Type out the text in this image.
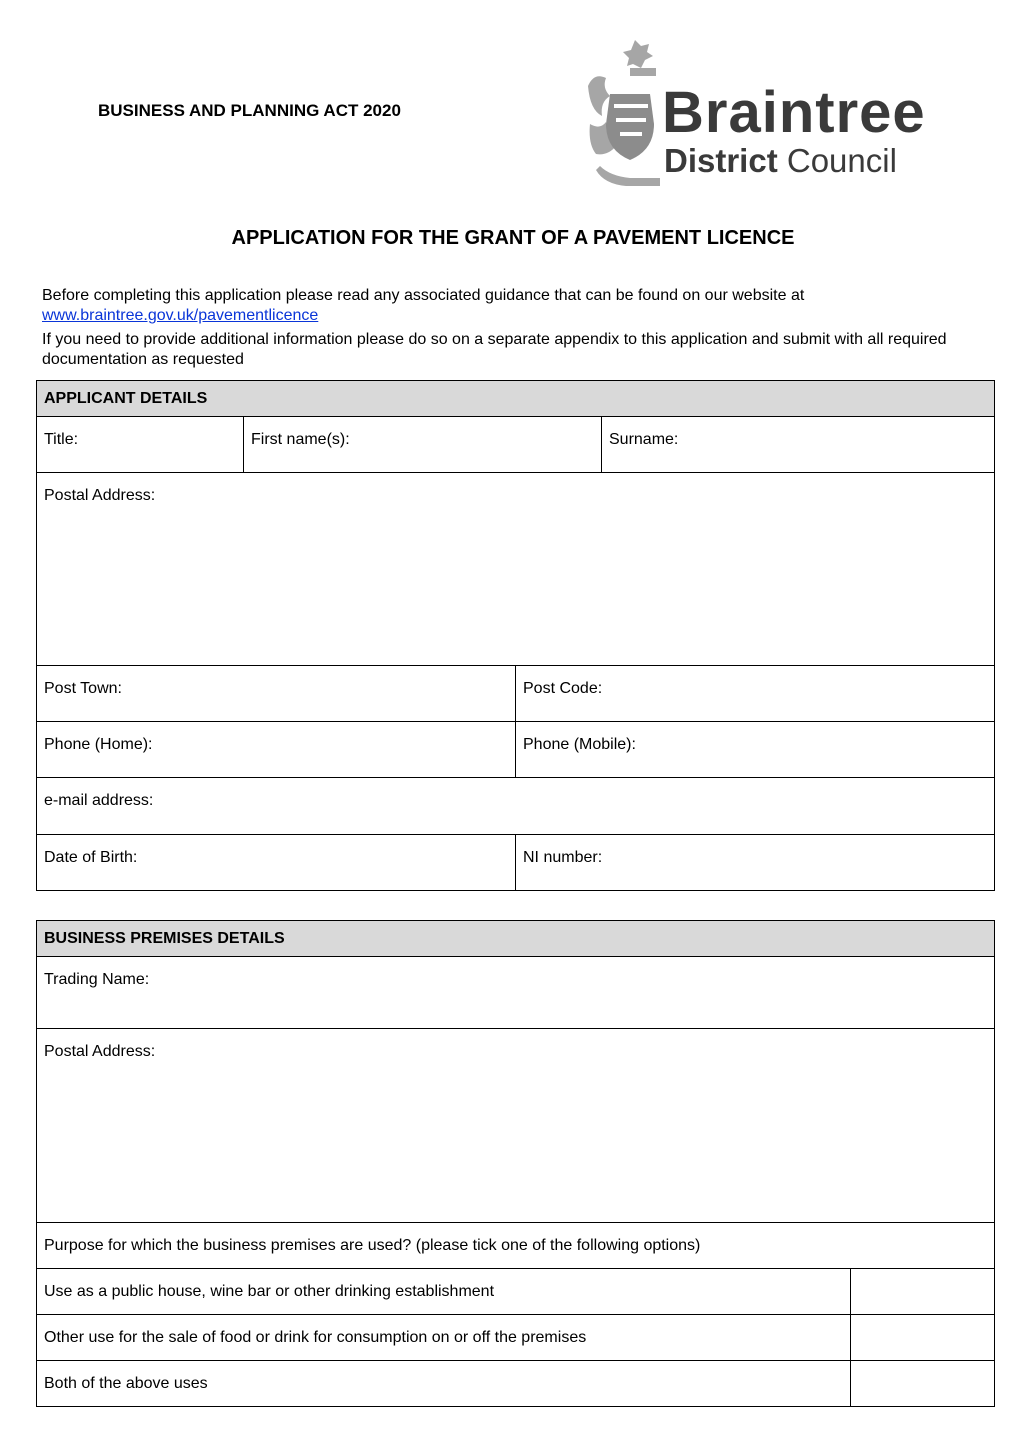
BUSINESS AND PLANNING ACT 2020	Braintree
District Council
APPLICATION FOR THE GRANT OF A PAVEMENT LICENCE

Before completing this application please read any associated guidance that can be found on our website at
www.braintree.gov.uk/pavementlicence

If you need to provide additional information please do so on a separate appendix to this application and submit with all required documentation as requested

APPLICANT DETAILS			
Title:	First name(s):		Surname:
Postal Address:			
Post Town:		Post Code:	
Phone (Home):		Phone (Mobile):	
e-mail address:			
Date of Birth:		NI number:	
BUSINESS PREMISES DETAILS	
Trading Name:	
Postal Address:	
Purpose for which the business premises are used? (please tick one of the following options)	
Use as a public house, wine bar or other drinking establishment	
Other use for the sale of food or drink for consumption on or off the premises	
Both of the above uses	
